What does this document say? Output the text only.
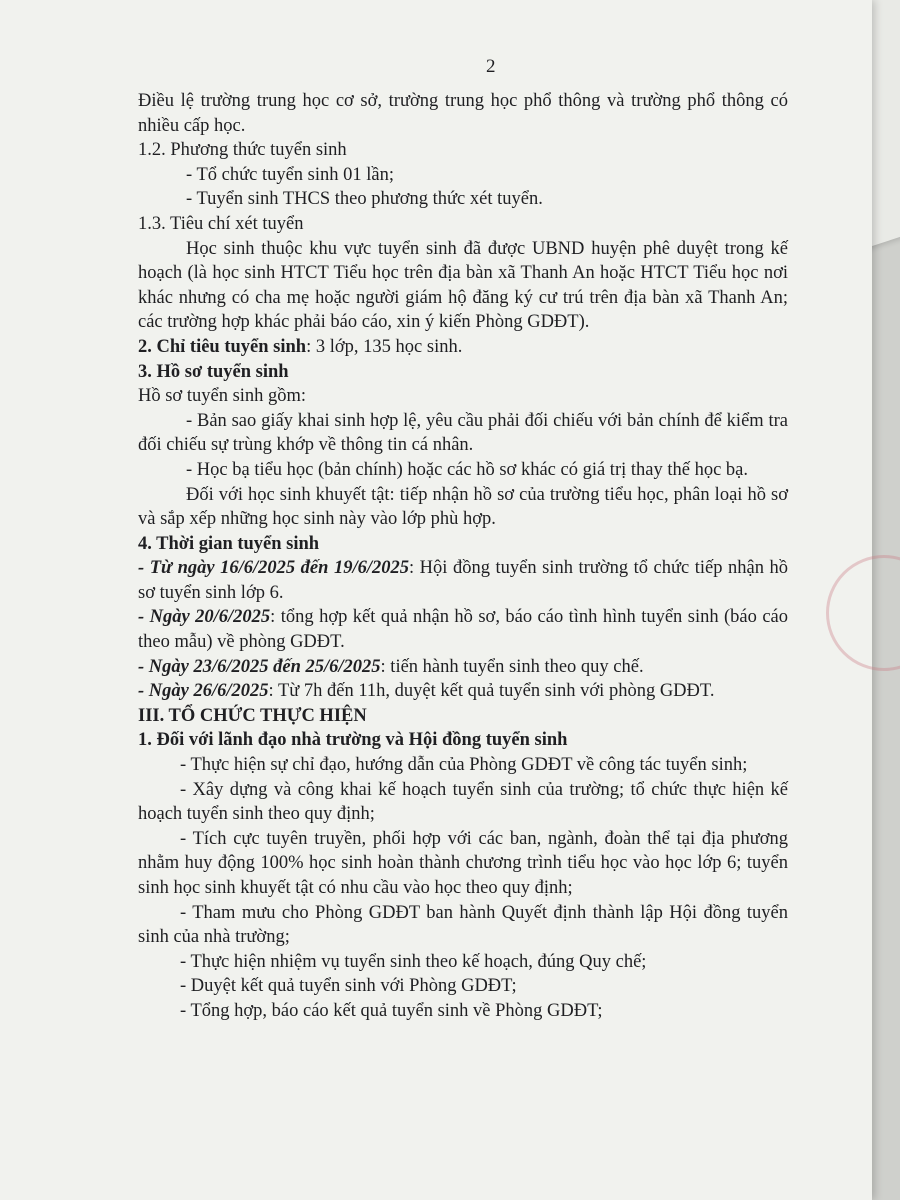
2

Điều lệ trường trung học cơ sở, trường trung học phổ thông và trường phổ thông có nhiều cấp học.

1.2. Phương thức tuyển sinh

- Tổ chức tuyển sinh 01 lần;

- Tuyển sinh THCS theo phương thức xét tuyển.

1.3. Tiêu chí xét tuyển

Học sinh thuộc khu vực tuyển sinh đã được UBND huyện phê duyệt trong kế hoạch (là học sinh HTCT Tiểu học trên địa bàn xã Thanh An hoặc HTCT Tiểu học nơi khác nhưng có cha mẹ hoặc người giám hộ đăng ký cư trú trên địa bàn xã Thanh An; các trường hợp khác phải báo cáo, xin ý kiến Phòng GDĐT).

2. Chỉ tiêu tuyển sinh: 3 lớp, 135 học sinh.

3. Hồ sơ tuyển sinh

Hồ sơ tuyển sinh gồm:

- Bản sao giấy khai sinh hợp lệ, yêu cầu phải đối chiếu với bản chính để kiểm tra đối chiếu sự trùng khớp về thông tin cá nhân.

- Học bạ tiểu học (bản chính) hoặc các hồ sơ khác có giá trị thay thế học bạ.

Đối với học sinh khuyết tật: tiếp nhận hồ sơ của trường tiểu học, phân loại hồ sơ và sắp xếp những học sinh này vào lớp phù hợp.

4. Thời gian tuyển sinh

- Từ ngày 16/6/2025 đến 19/6/2025: Hội đồng tuyển sinh trường tổ chức tiếp nhận hồ sơ tuyển sinh lớp 6.

- Ngày 20/6/2025: tổng hợp kết quả nhận hồ sơ, báo cáo tình hình tuyển sinh (báo cáo theo mẫu) về phòng GDĐT.

- Ngày 23/6/2025 đến 25/6/2025: tiến hành tuyển sinh theo quy chế.

- Ngày 26/6/2025: Từ 7h đến 11h, duyệt kết quả tuyển sinh với phòng GDĐT.

III. TỔ CHỨC THỰC HIỆN

1. Đối với lãnh đạo nhà trường và Hội đồng tuyển sinh

- Thực hiện sự chỉ đạo, hướng dẫn của Phòng GDĐT về công tác tuyển sinh;

- Xây dựng và công khai kế hoạch tuyển sinh của trường; tổ chức thực hiện kế hoạch tuyển sinh theo quy định;

- Tích cực tuyên truyền, phối hợp với các ban, ngành, đoàn thể tại địa phương nhằm huy động 100% học sinh hoàn thành chương trình tiểu học vào học lớp 6; tuyển sinh học sinh khuyết tật có nhu cầu vào học theo quy định;

- Tham mưu cho Phòng GDĐT ban hành Quyết định thành lập Hội đồng tuyển sinh của nhà trường;

- Thực hiện nhiệm vụ tuyển sinh theo kế hoạch, đúng Quy chế;

- Duyệt kết quả tuyển sinh với Phòng GDĐT;

- Tổng hợp, báo cáo kết quả tuyển sinh về Phòng GDĐT;
